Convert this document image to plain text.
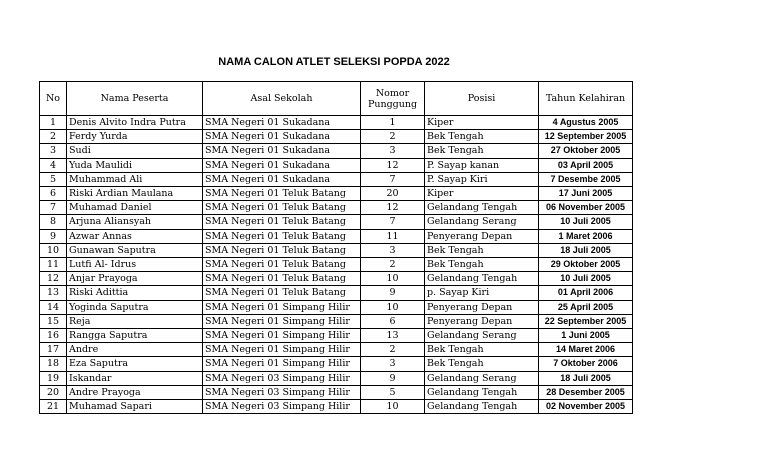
NAMA CALON ATLET SELEKSI POPDA 2022
No	Nama Peserta	Asal Sekolah	Nomor
Punggung	Posisi	Tahun Kelahiran
1	Denis Alvito Indra Putra	SMA Negeri 01 Sukadana	1	Kiper	4 Agustus 2005
2	Ferdy Yurda	SMA Negeri 01 Sukadana	2	Bek Tengah	12 September 2005
3	Sudi	SMA Negeri 01 Sukadana	3	Bek Tengah	27 Oktober 2005
4	Yuda Maulidi	SMA Negeri 01 Sukadana	12	P. Sayap kanan	03 April 2005
5	Muhammad Ali	SMA Negeri 01 Sukadana	7	P. Sayap Kiri	7 Desembe 2005
6	Riski Ardian Maulana	SMA Negeri 01 Teluk Batang	20	Kiper	17 Juni 2005
7	Muhamad Daniel	SMA Negeri 01 Teluk Batang	12	Gelandang Tengah	06 November 2005
8	Arjuna Aliansyah	SMA Negeri 01 Teluk Batang	7	Gelandang Serang	10 Juli 2005
9	Azwar Annas	SMA Negeri 01 Teluk Batang	11	Penyerang Depan	1 Maret 2006
10	Gunawan Saputra	SMA Negeri 01 Teluk Batang	3	Bek Tengah	18 Juli 2005
11	Lutfi Al- Idrus	SMA Negeri 01 Teluk Batang	2	Bek Tengah	29 Oktober 2005
12	Anjar Prayoga	SMA Negeri 01 Teluk Batang	10	Gelandang Tengah	10 Juli 2005
13	Riski Adittia	SMA Negeri 01 Teluk Batang	9	p. Sayap Kiri	01 April 2006
14	Yoginda Saputra	SMA Negeri 01 Simpang Hilir	10	Penyerang Depan	25 April 2005
15	Reja	SMA Negeri 01 Simpang Hilir	6	Penyerang Depan	22 September 2005
16	Rangga Saputra	SMA Negeri 01 Simpang Hilir	13	Gelandang Serang	1 Juni 2005
17	Andre	SMA Negeri 01 Simpang Hilir	2	Bek Tengah	14 Maret 2006
18	Eza Saputra	SMA Negeri 01 Simpang Hilir	3	Bek Tengah	7 Oktober 2006
19	Iskandar	SMA Negeri 03 Simpang Hilir	9	Gelandang Serang	18 Juli 2005
20	Andre Prayoga	SMA Negeri 03 Simpang Hilir	5	Gelandang Tengah	28 Desember 2005
21	Muhamad Sapari	SMA Negeri 03 Simpang Hilir	10	Gelandang Tengah	02 November 2005
